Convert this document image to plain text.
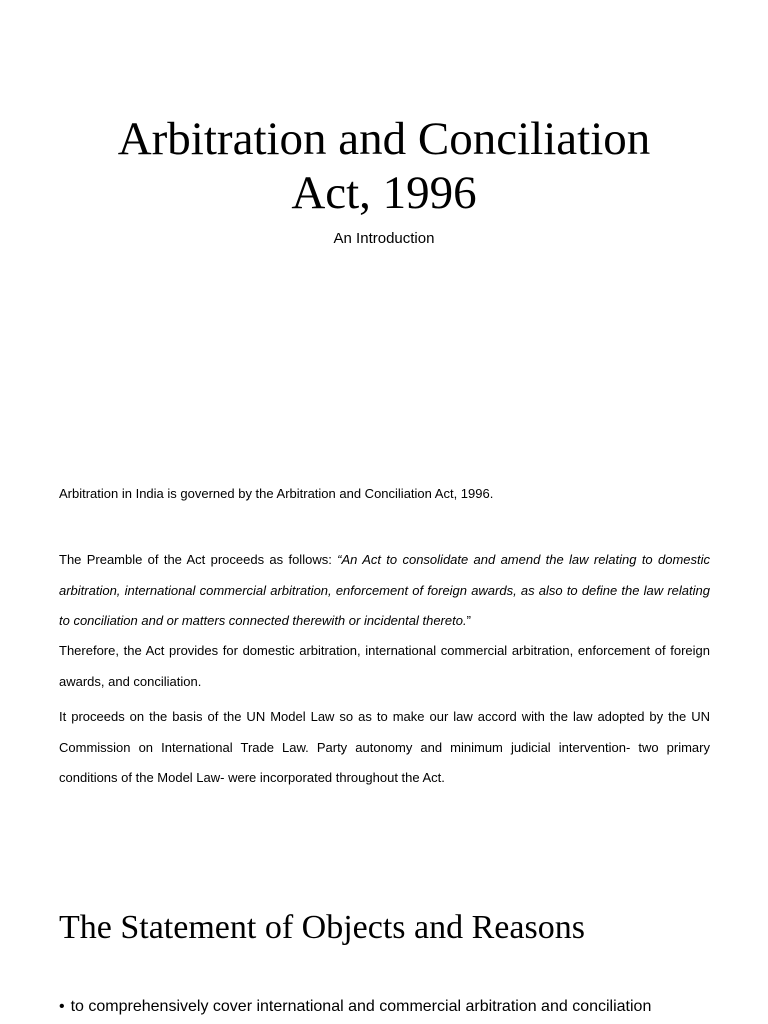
Arbitration and Conciliation
Act, 1996
An Introduction

Arbitration in India is governed by the Arbitration and Conciliation Act, 1996.

The Preamble of the Act proceeds as follows: “An Act to consolidate and amend the law relating to domestic arbitration, international commercial arbitration, enforcement of foreign awards, as also to define the law relating to conciliation and or matters connected therewith or incidental thereto.”

Therefore, the Act provides for domestic arbitration, international commercial arbitration, enforcement of foreign awards, and conciliation.

It proceeds on the basis of the UN Model Law so as to make our law accord with the law adopted by the UN Commission on International Trade Law. Party autonomy and minimum judicial intervention- two primary conditions of the Model Law- were incorporated throughout the Act.

The Statement of Objects and Reasons
• to comprehensively cover international and commercial arbitration and conciliation
